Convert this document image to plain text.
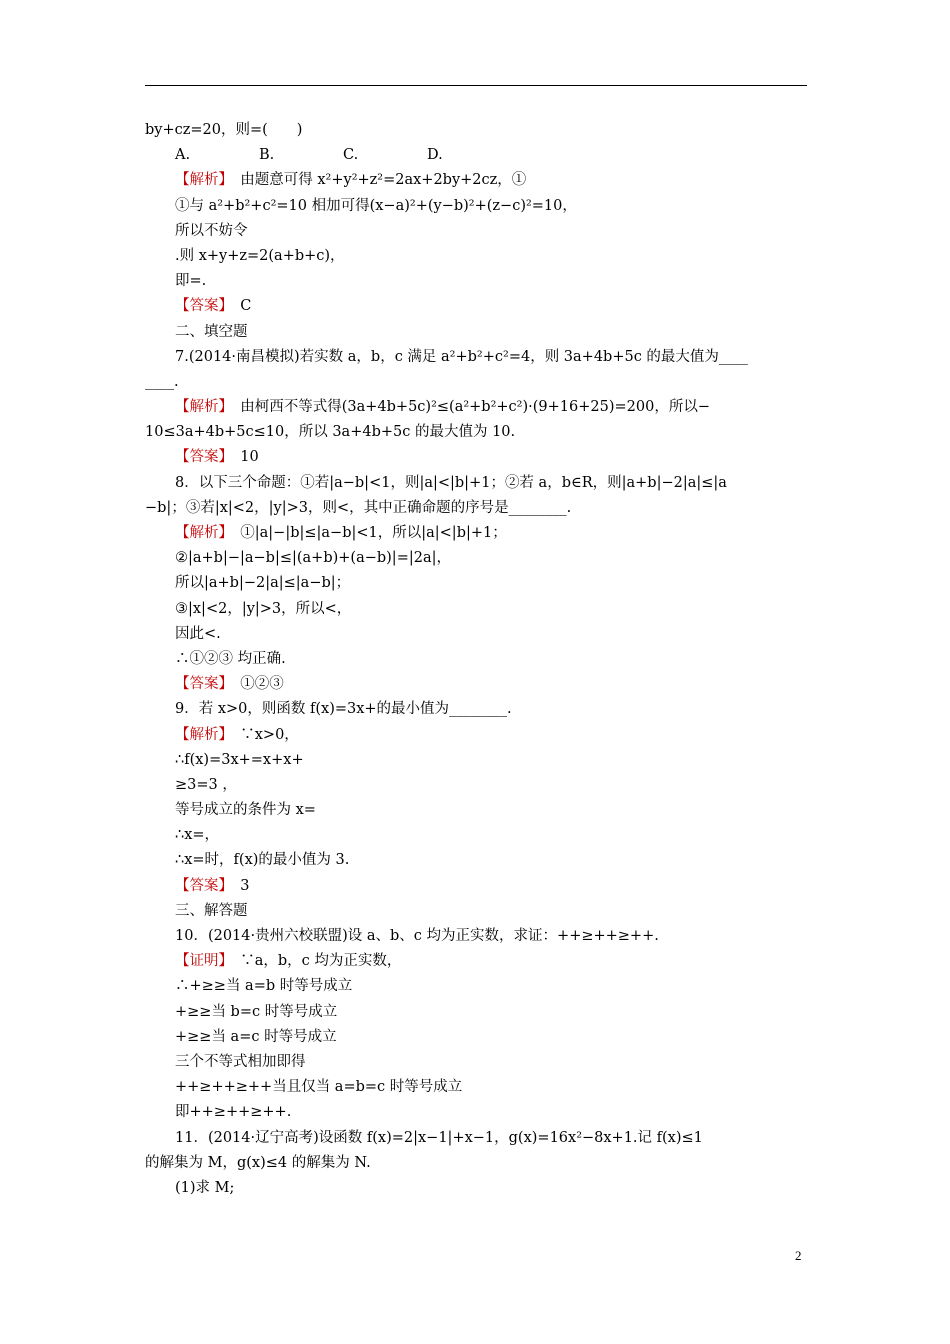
by+cz=20，则=(　　)
A.	B.	C.	D.
【解析】　由题意可得 x²+y²+z²=2ax+2by+2cz，①
①与 a²+b²+c²=10 相加可得(x−a)²+(y−b)²+(z−c)²=10，
所以不妨令
.则 x+y+z=2(a+b+c)，
即=.
【答案】　C
二、填空题
7.(2014·南昌模拟)若实数 a，b，c 满足 a²+b²+c²=4，则 3a+4b+5c 的最大值为____
____.
【解析】　由柯西不等式得(3a+4b+5c)²≤(a²+b²+c²)·(9+16+25)=200，所以−
10≤3a+4b+5c≤10，所以 3a+4b+5c 的最大值为 10.
【答案】　10
8．以下三个命题：①若|a−b|<1，则|a|<|b|+1；②若 a，b∈R，则|a+b|−2|a|≤|a
−b|；③若|x|<2，|y|>3，则<，其中正确命题的序号是________.
【解析】　①|a|−|b|≤|a−b|<1，所以|a|<|b|+1；
②|a+b|−|a−b|≤|(a+b)+(a−b)|=|2a|，
所以|a+b|−2|a|≤|a−b|；
③|x|<2，|y|>3，所以<，
因此<.
∴①②③ 均正确.
【答案】　①②③
9．若 x>0，则函数 f(x)=3x+的最小值为________.
【解析】　∵x>0，
∴f(x)=3x+=x+x+
≥3=3 ，
等号成立的条件为 x=
∴x=，
∴x=时，f(x)的最小值为 3.
【答案】　3
三、解答题
10．(2014·贵州六校联盟)设 a、b、c 均为正实数，求证：++≥++≥++.
【证明】　∵a，b，c 均为正实数，
∴+≥≥当 a=b 时等号成立
+≥≥当 b=c 时等号成立
+≥≥当 a=c 时等号成立
三个不等式相加即得
++≥++≥++当且仅当 a=b=c 时等号成立
即++≥++≥++.
11．(2014·辽宁高考)设函数 f(x)=2|x−1|+x−1，g(x)=16x²−8x+1.记 f(x)≤1
的解集为 M，g(x)≤4 的解集为 N.
(1)求 M;
2
